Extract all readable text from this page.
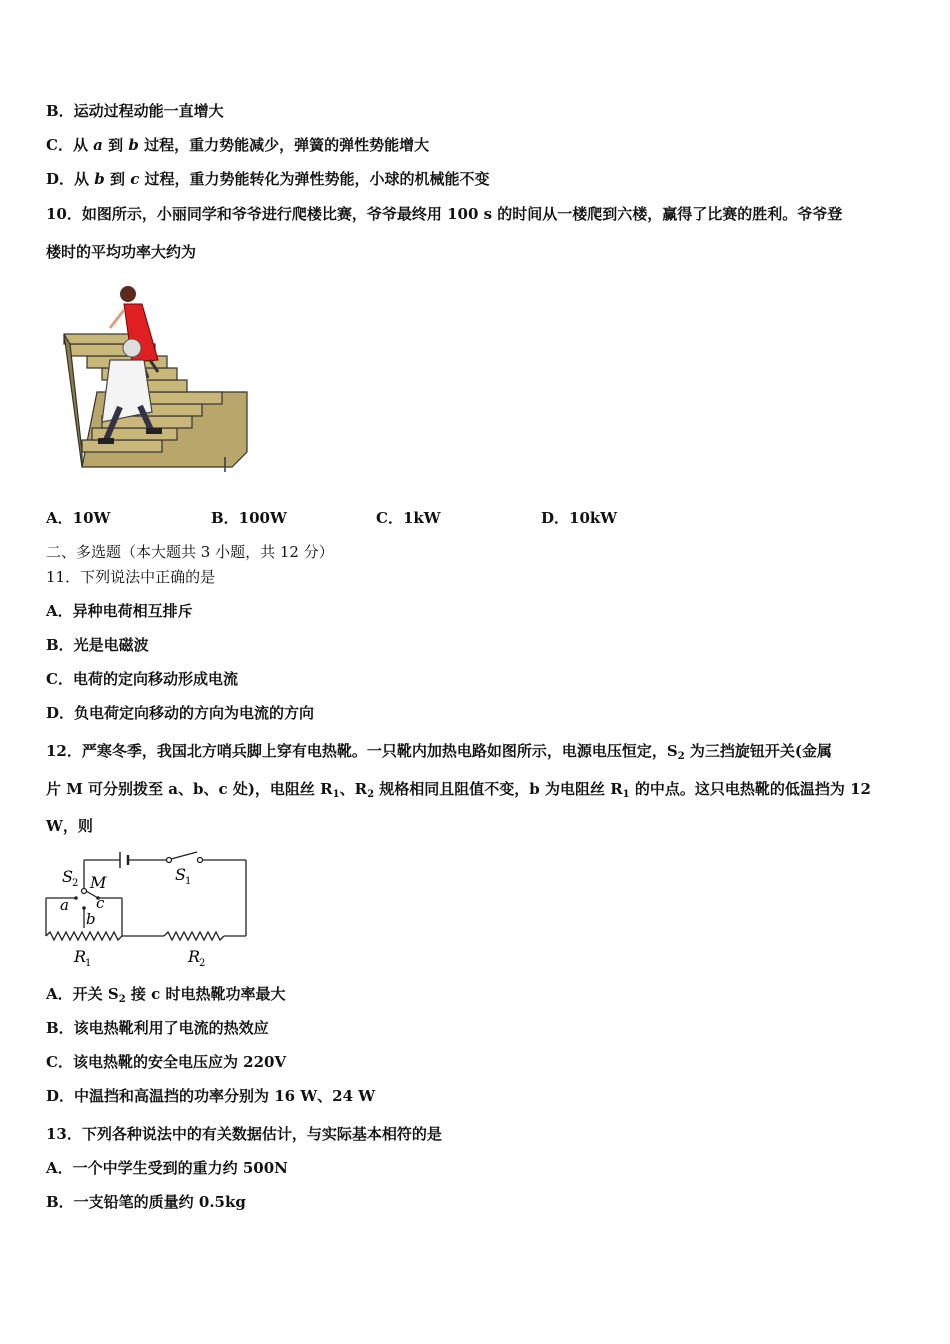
B．运动过程动能一直增大
C．从 a 到 b 过程，重力势能减少，弹簧的弹性势能增大
D．从 b 到 c 过程，重力势能转化为弹性势能，小球的机械能不变
10．如图所示，小丽同学和爷爷进行爬楼比赛，爷爷最终用 100 s 的时间从一楼爬到六楼，赢得了比赛的胜利。爷爷登
楼时的平均功率大约为
A．10W	B．100W	C．1kW	D．10kW
二、多选题（本大题共 3 小题，共 12 分）
11．下列说法中正确的是
A．异种电荷相互排斥
B．光是电磁波
C．电荷的定向移动形成电流
D．负电荷定向移动的方向为电流的方向
12．严寒冬季，我国北方哨兵脚上穿有电热靴。一只靴内加热电路如图所示，电源电压恒定，$S_2$ 为三挡旋钮开关(金属
片 M 可分别拨至 a、b、c 处)，电阻丝 $R_1$、$R_2$ 规格相同且阻值不变，b 为电阻丝 $R_1$ 的中点。这只电热靴的低温挡为 12
W，则
S 2 M	S 1
a
b
c
R
1	R
2
A．开关 $S_2$ 接 c 时电热靴功率最大
B．该电热靴利用了电流的热效应
C．该电热靴的安全电压应为 220V
D．中温挡和高温挡的功率分别为 16 W、24 W
13．下列各种说法中的有关数据估计，与实际基本相符的是
A．一个中学生受到的重力约 500N
B．一支铅笔的质量约 0.5kg
